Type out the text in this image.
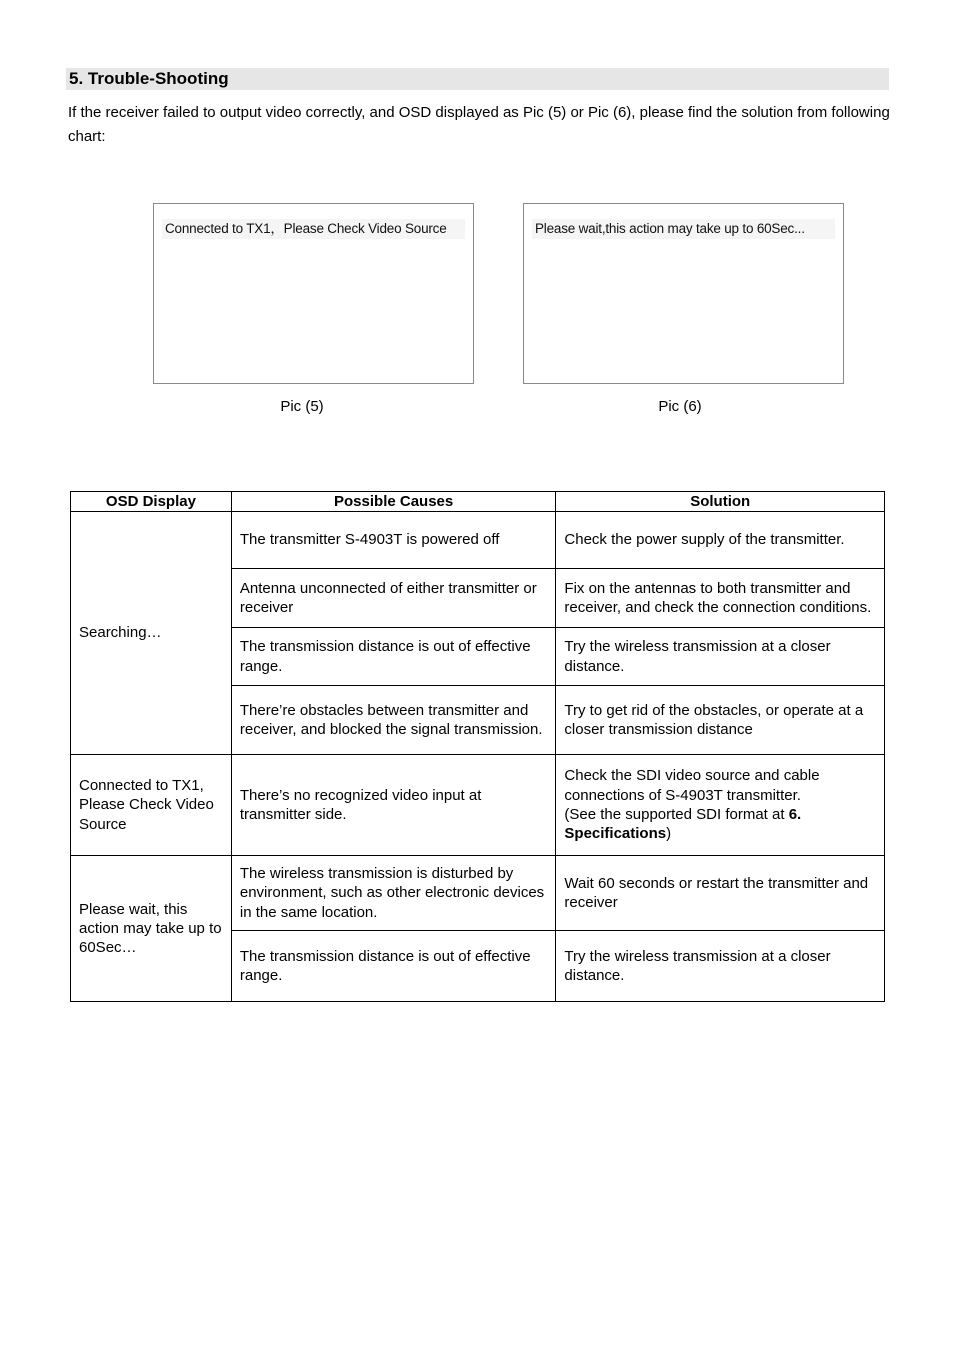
5. Trouble-Shooting
If the receiver failed to output video correctly, and OSD displayed as Pic (5) or Pic (6), please find the solution from following chart:
Connected to TX1，Please Check Video Source	Please wait,this action may take up to 60Sec...
Pic (5)	Pic (6)
OSD Display	Possible Causes	Solution
Searching…	The transmitter S-4903T is powered off	Check the power supply of the transmitter.
	Antenna unconnected of either transmitter or receiver	Fix on the antennas to both transmitter and receiver, and check the connection conditions.
	The transmission distance is out of effective range.	Try the wireless transmission at a closer distance.
	There’re obstacles between transmitter and receiver, and blocked the signal transmission.	Try to get rid of the obstacles, or operate at a closer transmission distance
Connected to TX1, Please Check Video Source	There’s no recognized video input at transmitter side.	Check the SDI video source and cable connections of S-4903T transmitter.
(See the supported SDI format at 6. Specifications)
Please wait, this action may take up to 60Sec…	The wireless transmission is disturbed by environment, such as other electronic devices in the same location.	Wait 60 seconds or restart the transmitter and receiver
	The transmission distance is out of effective range.	Try the wireless transmission at a closer distance.
